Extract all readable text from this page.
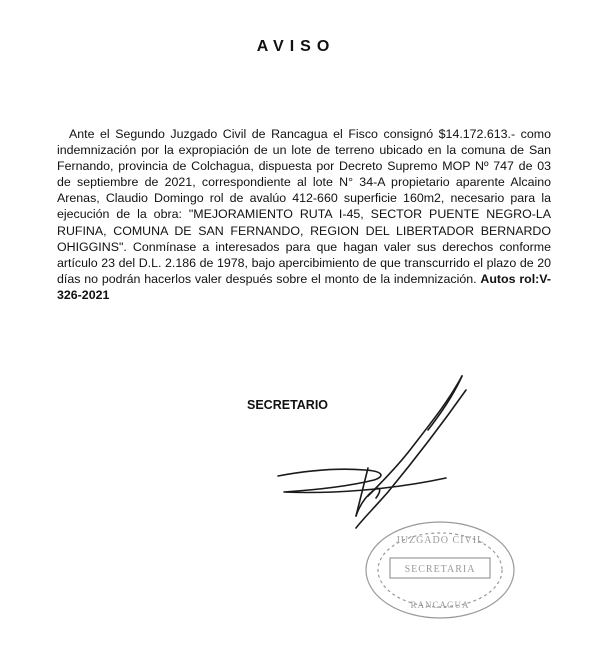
AVISO
Ante el Segundo Juzgado Civil de Rancagua el Fisco consignó $14.172.613.- como indemnización por la expropiación de un lote de terreno ubicado en la comuna de San Fernando, provincia de Colchagua, dispuesta por Decreto Supremo MOP Nº 747 de 03 de septiembre de 2021, correspondiente al lote N° 34-A propietario aparente Alcaino Arenas, Claudio Domingo rol de avalúo 412-660 superficie 160m2, necesario para la ejecución de la obra: "MEJORAMIENTO RUTA I-45, SECTOR PUENTE NEGRO-LA RUFINA, COMUNA DE SAN FERNANDO, REGION DEL LIBERTADOR BERNARDO OHIGGINS". Conmínase a interesados para que hagan valer sus derechos conforme artículo 23 del D.L. 2.186 de 1978, bajo apercibimiento de que transcurrido el plazo de 20 días no podrán hacerlos valer después sobre el monto de la indemnización. Autos rol:V-326-2021
SECRETARIO
JUZGADO CIVIL
SECRETARIA
RANCAGUA
